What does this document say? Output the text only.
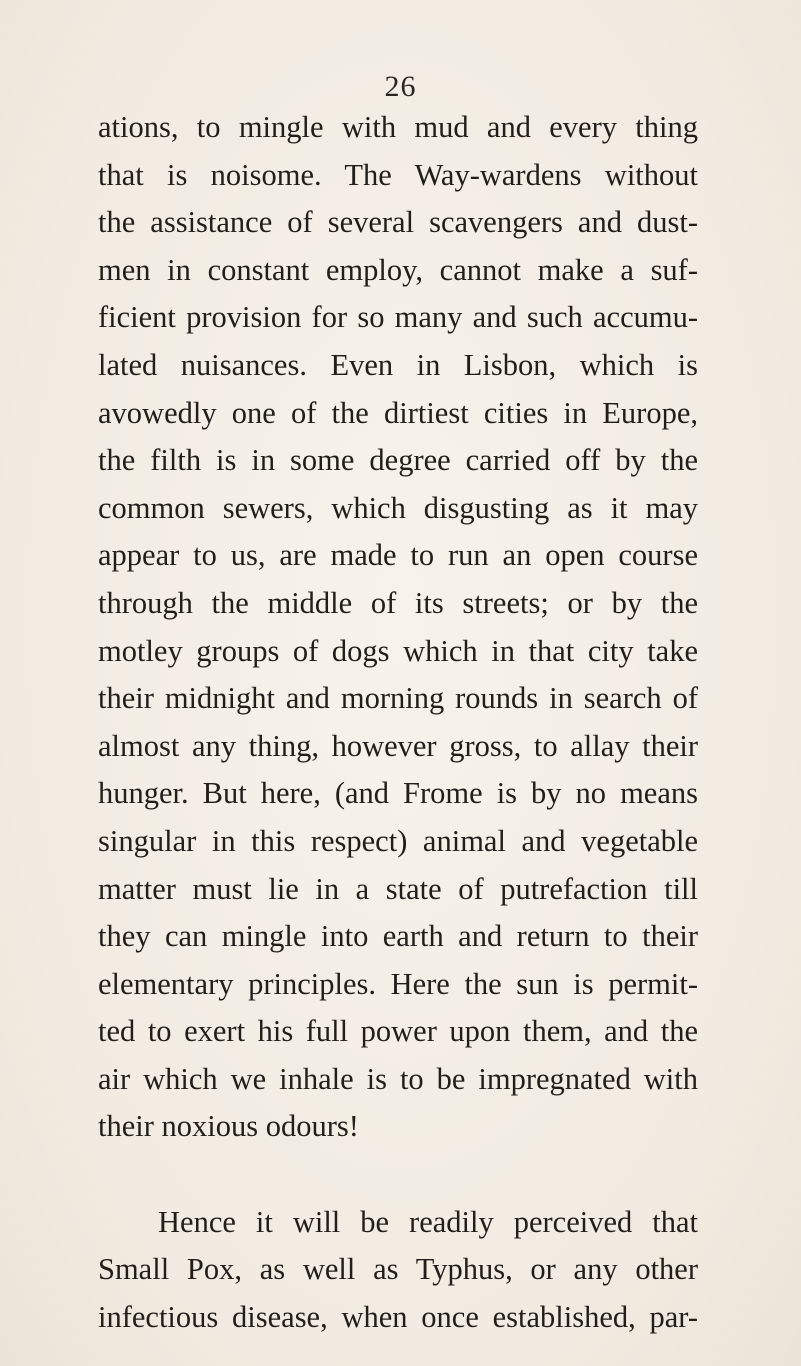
26
ations, to mingle with mud and every thing
that is noisome. The Way-wardens without
the assistance of several scavengers and dust-
men in constant employ, cannot make a suf-
ficient provision for so many and such accumu-
lated nuisances. Even in Lisbon, which is
avowedly one of the dirtiest cities in Europe,
the filth is in some degree carried off by the
common sewers, which disgusting as it may
appear to us, are made to run an open course
through the middle of its streets; or by the
motley groups of dogs which in that city take
their midnight and morning rounds in search of
almost any thing, however gross, to allay their
hunger. But here, (and Frome is by no means
singular in this respect) animal and vegetable
matter must lie in a state of putrefaction till
they can mingle into earth and return to their
elementary principles. Here the sun is permit-
ted to exert his full power upon them, and the
air which we inhale is to be impregnated with
their noxious odours!
Hence it will be readily perceived that
Small Pox, as well as Typhus, or any other
infectious disease, when once established, par-
